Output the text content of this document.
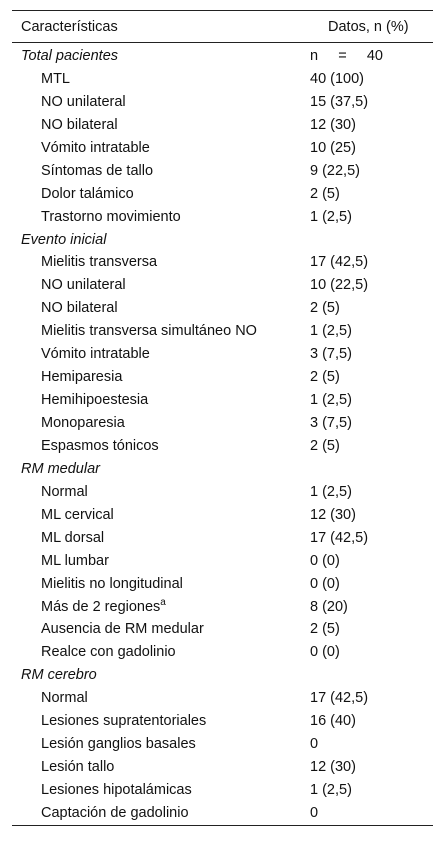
Características	Datos, n (%)
Total pacientes	n     =     40
MTL	40 (100)
NO unilateral	15 (37,5)
NO bilateral	12 (30)
Vómito intratable	10 (25)
Síntomas de tallo	9 (22,5)
Dolor talámico	2 (5)
Trastorno movimiento	1 (2,5)
Evento inicial
Mielitis transversa	17 (42,5)
NO unilateral	10 (22,5)
NO bilateral	2 (5)
Mielitis transversa simultáneo NO	1 (2,5)
Vómito intratable	3 (7,5)
Hemiparesia	2 (5)
Hemihipoestesia	1 (2,5)
Monoparesia	3 (7,5)
Espasmos tónicos	2 (5)
RM medular
Normal	1 (2,5)
ML cervical	12 (30)
ML dorsal	17 (42,5)
ML lumbar	0 (0)
Mielitis no longitudinal	0 (0)
Más de 2 regiones$^a$	8 (20)
Ausencia de RM medular	2 (5)
Realce con gadolinio	0 (0)
RM cerebro
Normal	17 (42,5)
Lesiones supratentoriales	16 (40)
Lesión ganglios basales	0
Lesión tallo	12 (30)
Lesiones hipotalámicas	1 (2,5)
Captación de gadolinio	0
